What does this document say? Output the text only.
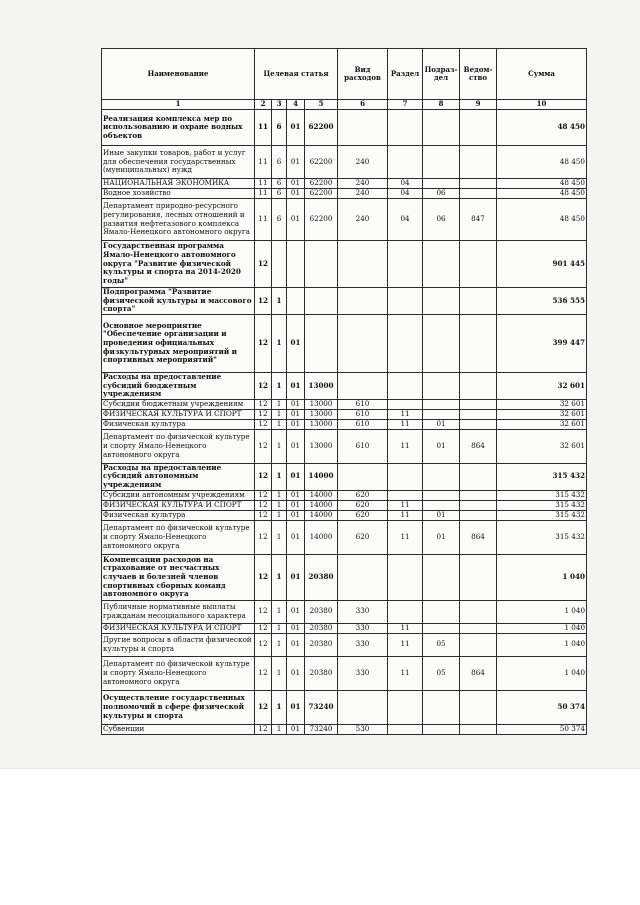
Наименование	Целевая статья				Вид расходов	Раздел	Подраз-дел	Ведом-ство	Сумма
1	2	3	4	5	6	7	8	9	10
Реализация комплекса мер по использованию и охране водных объектов	11	6	01	62200					48 450
Иные закупки товаров, работ и услуг для обеспечения государственных (муниципальных) нужд	11	6	01	62200	240				48 450
НАЦИОНАЛЬНАЯ ЭКОНОМИКА	11	6	01	62200	240	04			48 450
Водное хозяйство	11	6	01	62200	240	04	06		48 450
Департамент природно-ресурсного регулирования, лесных отношений и развития нефтегазового комплекса Ямало-Ненецкого автономного округа	11	6	01	62200	240	04	06	847	48 450
Государственная программа Ямало-Ненецкого автономного округа "Развитие физической культуры и спорта на 2014-2020 годы"	12								901 445
Подпрограмма "Развитие физической культуры и массового спорта"	12	1							536 555
Основное мероприятие "Обеспечение организации и проведения официальных физкультурных мероприятий и спортивных мероприятий"	12	1	01						399 447
Расходы на предоставление субсидий бюджетным учреждениям	12	1	01	13000					32 601
Субсидии бюджетным учреждениям	12	1	01	13000	610				32 601
ФИЗИЧЕСКАЯ КУЛЬТУРА И СПОРТ	12	1	01	13000	610	11			32 601
Физическая культура	12	1	01	13000	610	11	01		32 601
Департамент по физической культуре и спорту Ямало-Ненецкого автономного округа	12	1	01	13000	610	11	01	864	32 601
Расходы на предоставление субсидий автономным учреждениям	12	1	01	14000					315 432
Субсидии автономным учреждениям	12	1	01	14000	620				315 432
ФИЗИЧЕСКАЯ КУЛЬТУРА И СПОРТ	12	1	01	14000	620	11			315 432
Физическая культура	12	1	01	14000	620	11	01		315 432
Департамент по физической культуре и спорту Ямало-Ненецкого автономного округа	12	1	01	14000	620	11	01	864	315 432
Компенсации расходов на страхование от несчастных случаев и болезней членов спортивных сборных команд автономного округа	12	1	01	20380					1 040
Публичные нормативные выплаты гражданам несоциального характера	12	1	01	20380	330				1 040
ФИЗИЧЕСКАЯ КУЛЬТУРА И СПОРТ	12	1	01	20380	330	11			1 040
Другие вопросы в области физической культуры и спорта	12	1	01	20380	330	11	05		1 040
Департамент по физической культуре и спорту Ямало-Ненецкого автономного округа	12	1	01	20380	330	11	05	864	1 040
Осуществление государственных полномочий в сфере физической культуры и спорта	12	1	01	73240					50 374
Субвенции	12	1	01	73240	530				50 374
